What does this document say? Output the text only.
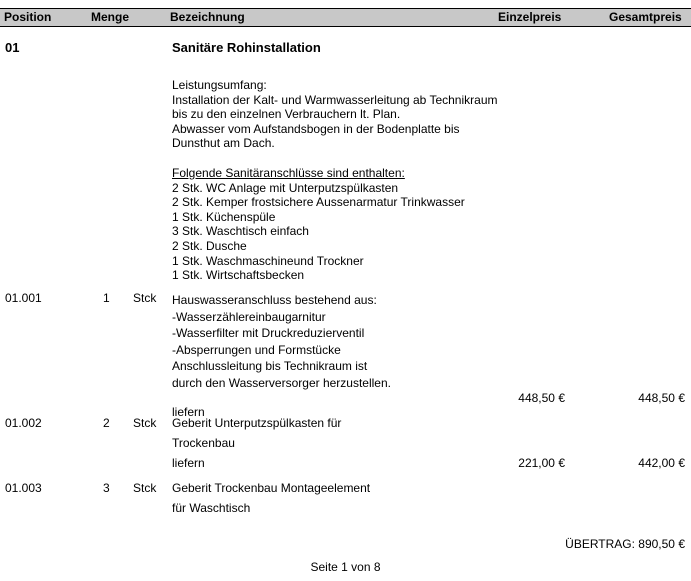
Position	Menge	Bezeichnung	Einzelpreis	Gesamtpreis
01	Sanitäre Rohinstallation
Leistungsumfang:
Installation der Kalt- und Warmwasserleitung ab Technikraum
bis zu den einzelnen Verbrauchern lt. Plan.
Abwasser vom Aufstandsbogen in der Bodenplatte bis
Dunsthut am Dach.
Folgende Sanitäranschlüsse sind enthalten:
2 Stk. WC Anlage mit Unterputzspülkasten
2 Stk. Kemper frostsichere Aussenarmatur Trinkwasser
1 Stk. Küchenspüle
3 Stk. Waschtisch einfach
2 Stk. Dusche
1 Stk. Waschmaschineund Trockner
1 Stk. Wirtschaftsbecken
01.001	1 Stck Hauswasseranschluss bestehend aus:
-Wasserzählereinbaugarnitur
-Wasserfilter mit Druckreduzierventil
-Absperrungen und Formstücke
Anschlussleitung bis Technikraum ist
durch den Wasserversorger herzustellen.
liefern
448,50 €	448,50 €
01.002	2 Stck Geberit Unterputzspülkasten für
Trockenbau
liefern	221,00 €	442,00 €
01.003	3 Stck Geberit Trockenbau Montageelement
für Waschtisch
ÜBERTRAG: 890,50 €
Seite 1 von 8
